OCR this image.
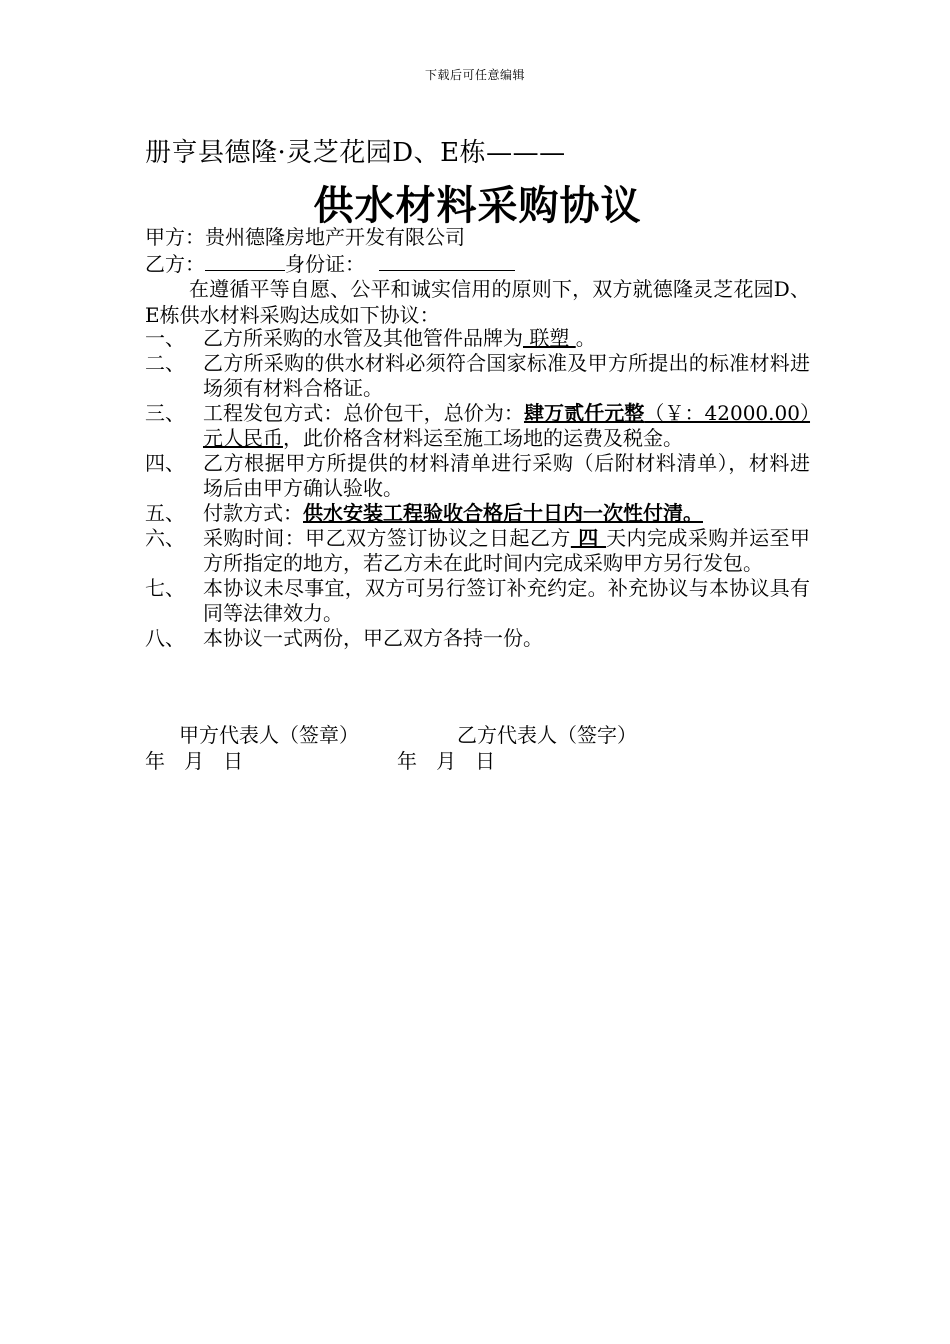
下载后可任意编辑
册亨县德隆·灵芝花园D、E栋———
供水材料采购协议
甲方：贵州德隆房地产开发有限公司
乙方：	身份证：
在遵循平等自愿、公平和诚实信用的原则下，双方就德隆灵芝花园D、E栋供水材料采购达成如下协议：
一、 乙方所采购的水管及其他管件品牌为 联塑 。
二、 乙方所采购的供水材料必须符合国家标准及甲方所提出的标准材料进场须有材料合格证。
三、 工程发包方式：总价包干，总价为：肆万贰仟元整（￥：42000.00）元人民币，此价格含材料运至施工场地的运费及税金。
四、 乙方根据甲方所提供的材料清单进行采购（后附材料清单），材料进场后由甲方确认验收。
五、 付款方式：供水安装工程验收合格后十日内一次性付清。
六、 采购时间：甲乙双方签订协议之日起乙方 四 天内完成采购并运至甲方所指定的地方，若乙方未在此时间内完成采购甲方另行发包。
七、 本协议未尽事宜，双方可另行签订补充约定。补充协议与本协议具有同等法律效力。
八、 本协议一式两份，甲乙双方各持一份。
甲方代表人（签章）	乙方代表人（签字）
年   月   日	年   月   日
